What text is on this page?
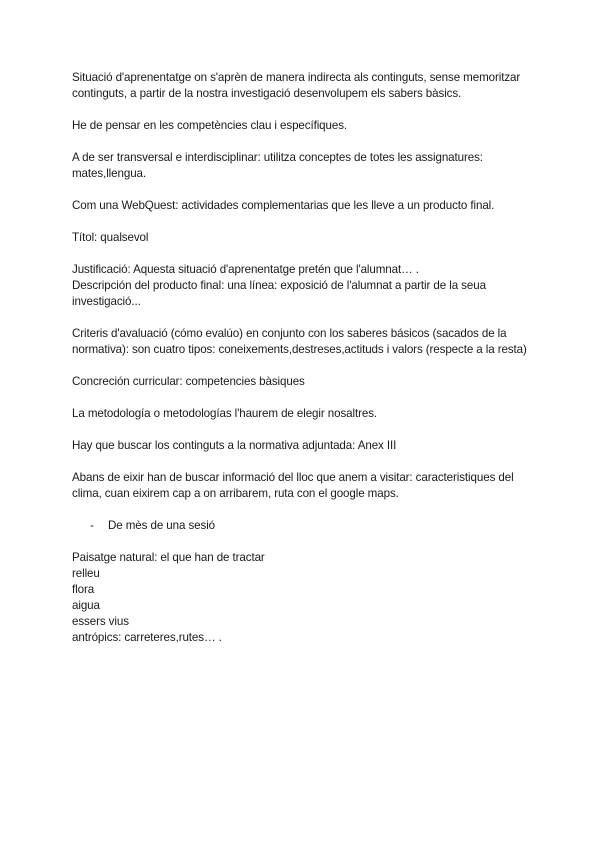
Situació d'aprenentatge on s'aprèn de manera indirecta als continguts, sense memoritzar
continguts, a partir de la nostra investigació desenvolupem els sabers bàsics.

He de pensar en les competències clau i específiques.

A de ser transversal e interdisciplinar: utilitza conceptes de totes les assignatures:
mates,llengua.

Com una WebQuest: actividades complementarias que les lleve a un producto final.

Títol: qualsevol

Justificació: Aquesta situació d'aprenentatge pretén que l'alumnat… .
Descripción del producto final: una línea: exposició de l'alumnat a partir de la seua
investigació...

Criteris d'avaluació (cómo evalúo) en conjunto con los saberes básicos (sacados de la
normativa): son cuatro tipos: coneixements,destreses,actituds i valors (respecte a la resta)

Concreción curricular: competencies bàsiques

La metodología o metodologías l'haurem de elegir nosaltres.

Hay que buscar los continguts a la normativa adjuntada: Anex III

Abans de eixir han de buscar informació del lloc que anem a visitar: caracteristiques del
clima, cuan eixirem cap a on arribarem, ruta con el google maps.

-	De mès de una sesió
Paisatge natural: el que han de tractar
relleu
flora
aigua
essers vius
antrópics: carreteres,rutes… .
